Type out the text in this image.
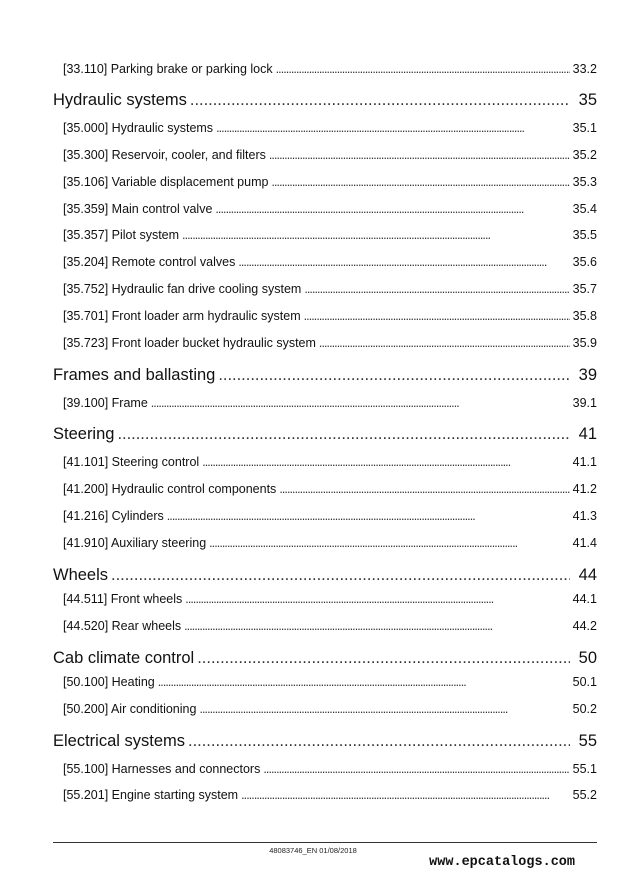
[33.110] Parking brake or parking lock . . .	33.2
Hydraulic systems . . .	35
[35.000] Hydraulic systems . . .	35.1
[35.300] Reservoir, cooler, and filters . . .	35.2
[35.106] Variable displacement pump . . .	35.3
[35.359] Main control valve . . .	35.4
[35.357] Pilot system . . .	35.5
[35.204] Remote control valves . . .	35.6
[35.752] Hydraulic fan drive cooling system . . .	35.7
[35.701] Front loader arm hydraulic system . . .	35.8
[35.723] Front loader bucket hydraulic system . . .	35.9
Frames and ballasting . . .	39
[39.100] Frame . . .	39.1
Steering . . .	41
[41.101] Steering control . . .	41.1
[41.200] Hydraulic control components . . .	41.2
[41.216] Cylinders . . .	41.3
[41.910] Auxiliary steering . . .	41.4
Wheels . . .	44
[44.511] Front wheels . . .	44.1
[44.520] Rear wheels . . .	44.2
Cab climate control . . .	50
[50.100] Heating . . .	50.1
[50.200] Air conditioning . . .	50.2
Electrical systems . . .	55
[55.100] Harnesses and connectors . . .	55.1
[55.201] Engine starting system . . .	55.2
48083746_EN 01/08/2018
www.epcatalogs.com
